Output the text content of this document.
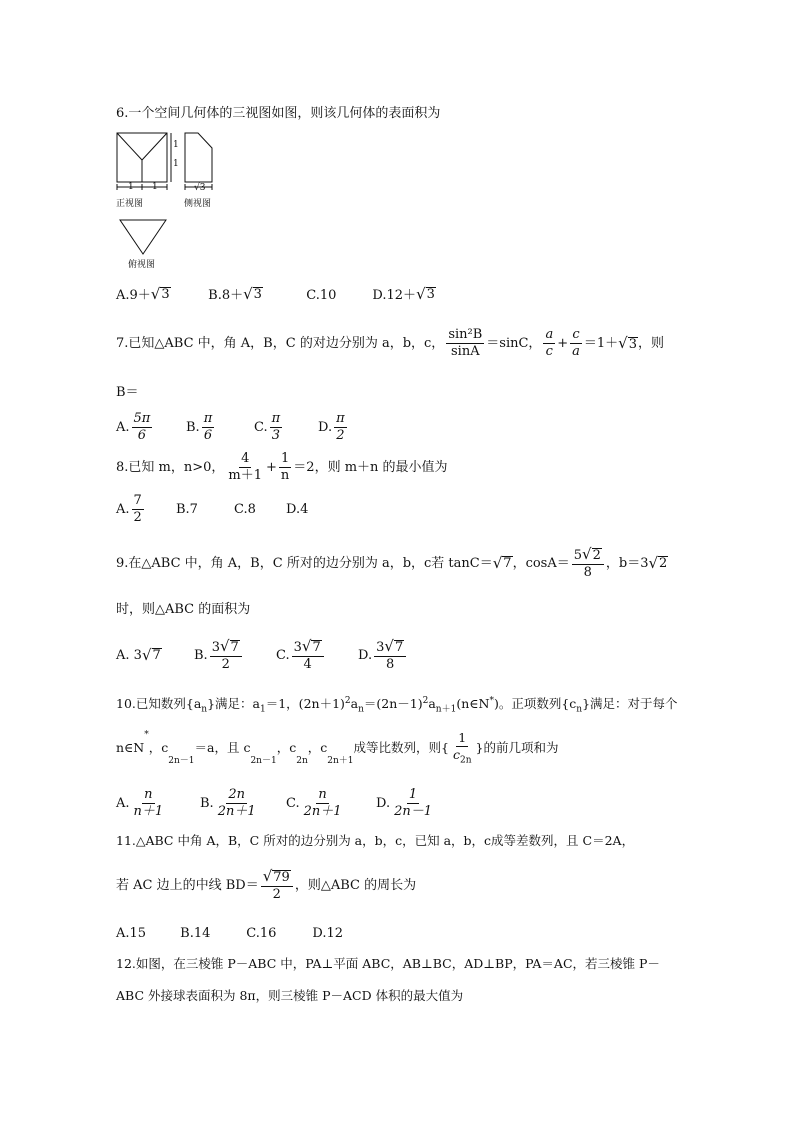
6.一个空间几何体的三视图如图，则该几何体的表面积为
1 1
1
1
√3
正视图	侧视图
俯视图
A.9＋ √ 3	B.8＋ √ 3	C.10	D.12＋ √ 3
7.已知△ABC 中，角 A，B，C 的对边分别为 a，b，c， $\frac{\text{sin²B}}{\sin A} =\sin C$， $\frac{a}{c} + \frac{c}{a} =1+$ √ 3 ，则
B＝
A. $\frac{5\pi}{6}$	B. $\frac{\pi}{6}$	C. $\frac{\pi}{3}$	D. $\frac{\pi}{2}$
8.已知 m，n>0， $\frac{4}{m+1} + \frac{1}{n} =2$，则 m＋n 的最小值为
A. $\frac{7}{2} B.7$	C.8	D.4
9.在△ABC 中，角 A，B，C 所对的边分别为 a，b，c若 tanC＝ √ 7 ，$\cos A= \frac{5 √ 2}{8}$ ，b＝3 √ 2
时，则△ABC 的面积为
A. 3 √ 7	B. $\frac{3 √ 7}{2}$	C. $\frac{3 √ 7}{4}$	D. $\frac{3 √ 7}{8}$
10.已知数列$\{a_n\}$满足：$a_1=1$，$(2n+1)^2a_n=(2n-1)^2a_{n+1}(n\in N^*)$。正项数列$\{c_n\}$满足：对于每个
n∈N
*
，c
2n－1
＝a，且 c
2n－1
，c
2n
，c
2n＋1
成等比数列，则{ $\frac{1}{c_{2n}}$ }的前几项和为
A. $\frac{n}{n+1}$	B. $\frac{2n}{2n+1} C$. $\frac{n}{2n+1} D$. $\frac{1}{2n-1}$
11.△ABC 中角 A，B，C 所对的边分别为 a，b，c，已知 a，b，c成等差数列，且 C＝2A，
若 AC 边上的中线 $BD= \frac{√ 79}{2}$ ，则△ABC 的周长为
A.15	B.14	C.16	D.12
12.如图，在三棱锥 P－ABC 中，PA⊥平面 ABC，AB⊥BC，AD⊥BP，PA＝AC，若三棱锥 P－
ABC 外接球表面积为 8π，则三棱锥 P－ACD 体积的最大值为
